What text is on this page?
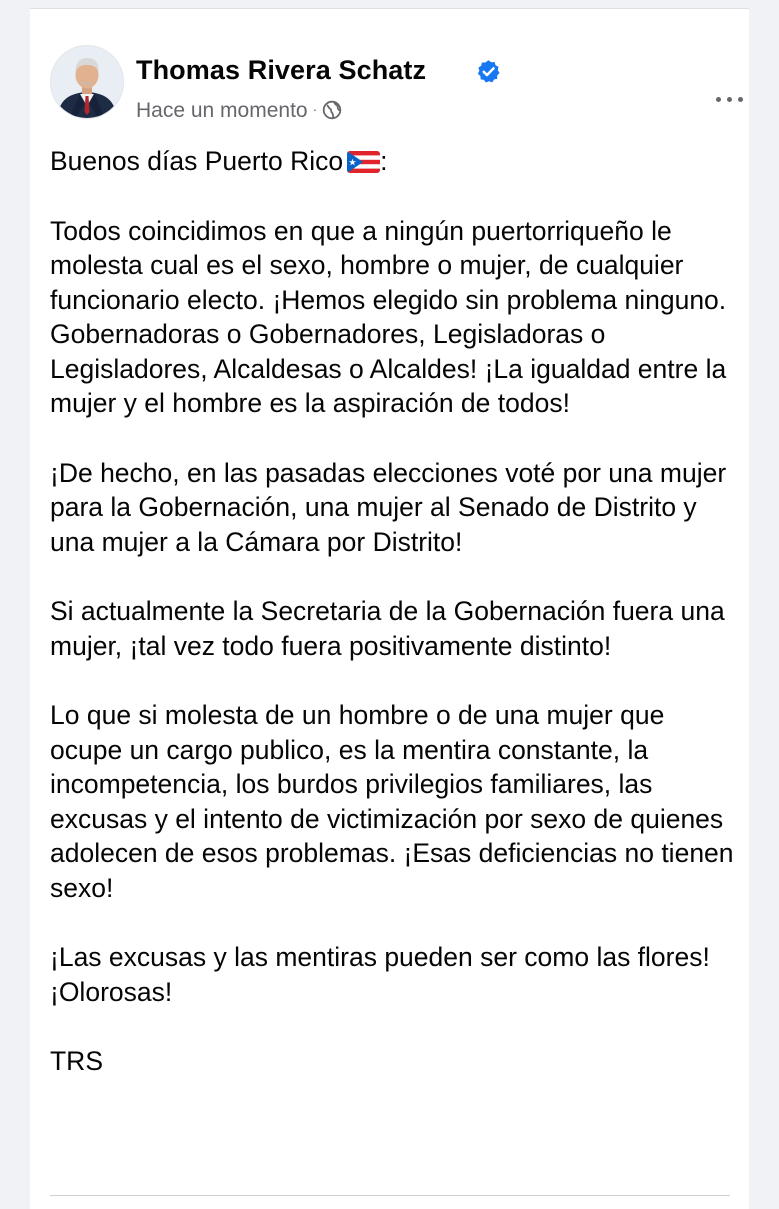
Thomas Rivera Schatz
Hace un momento ·

Buenos días Puerto Rico :

Todos coincidimos en que a ningún puertorriqueño le molesta cual es el sexo, hombre o mujer, de cualquier funcionario electo. ¡Hemos elegido sin problema ninguno. Gobernadoras o Gobernadores, Legisladoras o Legisladores, Alcaldesas o Alcaldes! ¡La igualdad entre la mujer y el hombre es la aspiración de todos!

¡De hecho, en las pasadas elecciones voté por una mujer para la Gobernación, una mujer al Senado de Distrito y una mujer a la Cámara por Distrito!

Si actualmente la Secretaria de la Gobernación fuera una mujer, ¡tal vez todo fuera positivamente distinto!

Lo que si molesta de un hombre o de una mujer que ocupe un cargo publico, es la mentira constante, la incompetencia, los burdos privilegios familiares, las excusas y el intento de victimización por sexo de quienes adolecen de esos problemas. ¡Esas deficiencias no tienen sexo!

¡Las excusas y las mentiras pueden ser como las flores! ¡Olorosas!

TRS
